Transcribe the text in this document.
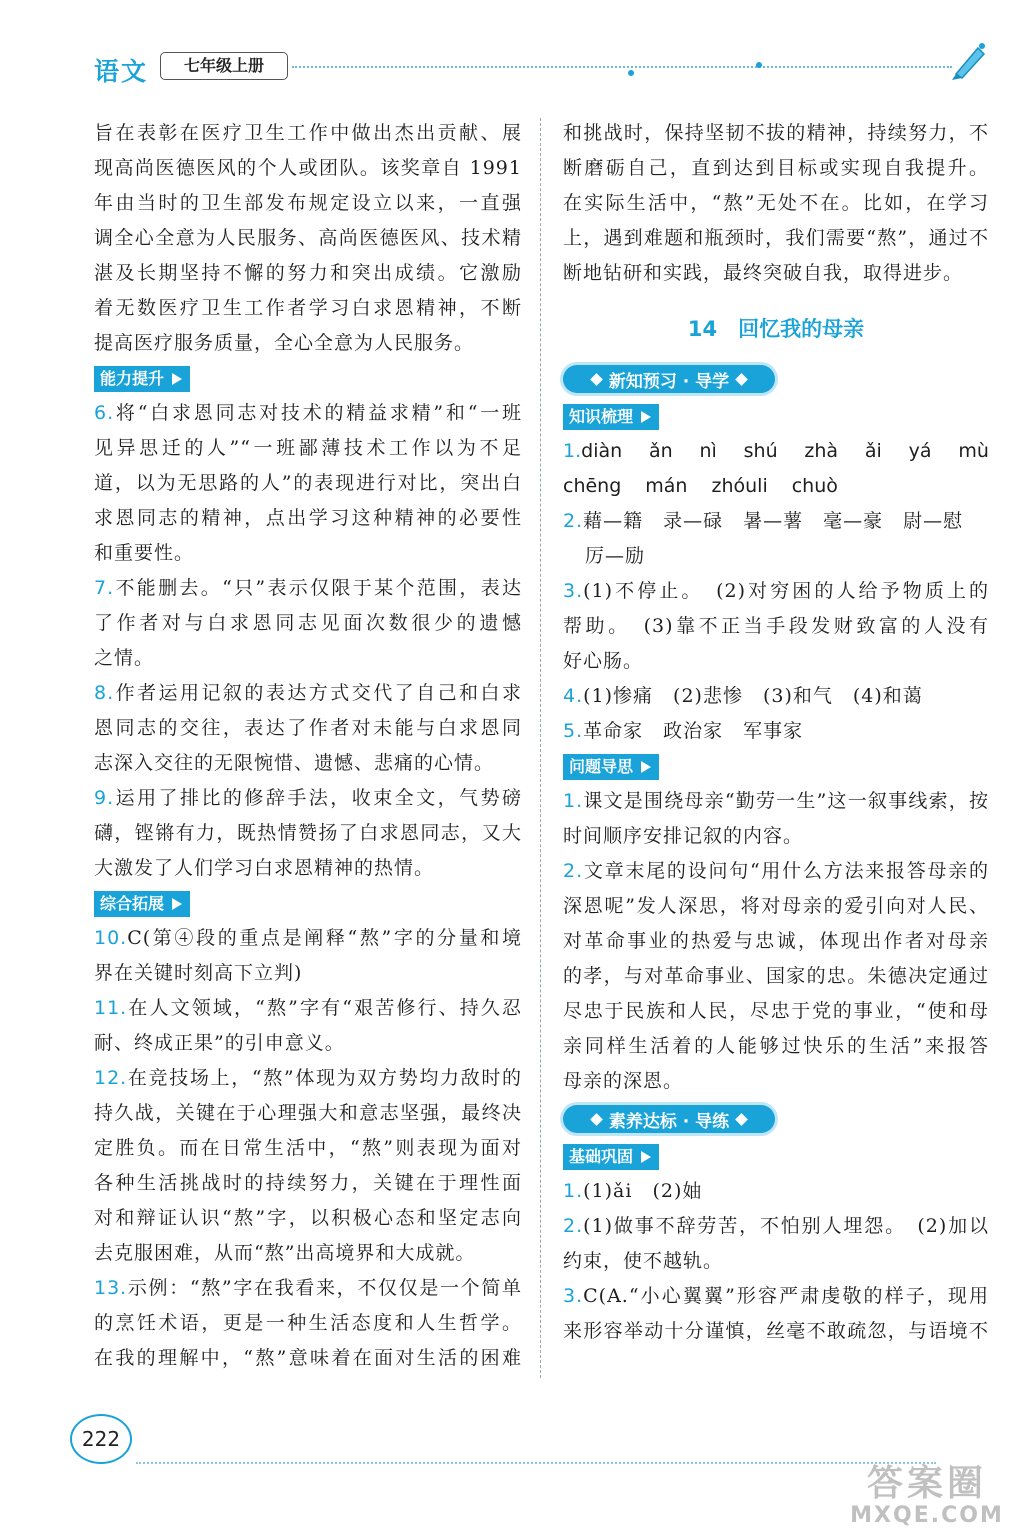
语文	七年级上册
旨在表彰在医疗卫生工作中做出杰出贡献、展
现高尚医德医风的个人或团队。该奖章自 1991
年由当时的卫生部发布规定设立以来，一直强
调全心全意为人民服务、高尚医德医风、技术精
湛及长期坚持不懈的努力和突出成绩。它激励
着无数医疗卫生工作者学习白求恩精神，不断
提高医疗服务质量，全心全意为人民服务。
能力提升
6.将“白求恩同志对技术的精益求精”和“一班
见异思迁的人”“一班鄙薄技术工作以为不足
道，以为无思路的人”的表现进行对比，突出白
求恩同志的精神，点出学习这种精神的必要性
和重要性。
7.不能删去。“只”表示仅限于某个范围，表达
了作者对与白求恩同志见面次数很少的遗憾
之情。
8.作者运用记叙的表达方式交代了自己和白求
恩同志的交往，表达了作者对未能与白求恩同
志深入交往的无限惋惜、遗憾、悲痛的心情。
9.运用了排比的修辞手法，收束全文，气势磅
礴，铿锵有力，既热情赞扬了白求恩同志，又大
大激发了人们学习白求恩精神的热情。
综合拓展
10.C(第④段的重点是阐释“熬”字的分量和境
界在关键时刻高下立判)
11.在人文领域，“熬”字有“艰苦修行、持久忍
耐、终成正果”的引申意义。
12.在竞技场上，“熬”体现为双方势均力敌时的
持久战，关键在于心理强大和意志坚强，最终决
定胜负。而在日常生活中，“熬”则表现为面对
各种生活挑战时的持续努力，关键在于理性面
对和辩证认识“熬”字，以积极心态和坚定志向
去克服困难，从而“熬”出高境界和大成就。
13.示例：“熬”字在我看来，不仅仅是一个简单
的烹饪术语，更是一种生活态度和人生哲学。
在我的理解中，“熬”意味着在面对生活的困难
和挑战时，保持坚韧不拔的精神，持续努力，不
断磨砺自己，直到达到目标或实现自我提升。
在实际生活中，“熬”无处不在。比如，在学习
上，遇到难题和瓶颈时，我们需要“熬”，通过不
断地钻研和实践，最终突破自我，取得进步。
14　回忆我的母亲
新知预习 · 导学
知识梳理
1.diàn ǎn nì shú zhà ǎi yá mù
chēng mán zhóuli chuò
2.藉—籍　录—碌　暑—薯　毫—豪　尉—慰
厉—励
3.(1)不停止。　(2)对穷困的人给予物质上的
帮助。　(3)靠不正当手段发财致富的人没有
好心肠。
4.(1)惨痛　(2)悲惨　(3)和气　(4)和蔼
5.革命家　政治家　军事家
问题导思
1.课文是围绕母亲“勤劳一生”这一叙事线索，按
时间顺序安排记叙的内容。
2.文章末尾的设问句“用什么方法来报答母亲的
深恩呢”发人深思，将对母亲的爱引向对人民、
对革命事业的热爱与忠诚，体现出作者对母亲
的孝，与对革命事业、国家的忠。朱德决定通过
尽忠于民族和人民，尽忠于党的事业，“使和母
亲同样生活着的人能够过快乐的生活”来报答
母亲的深恩。
素养达标 · 导练
基础巩固
1.(1)ǎi　(2)妯
2.(1)做事不辞劳苦，不怕别人埋怨。　(2)加以
约束，使不越轨。
3.C(A.“小心翼翼”形容严肃虔敬的样子，现用
来形容举动十分谨慎，丝毫不敢疏忽，与语境不
222
答案圈
MXQE.COM
